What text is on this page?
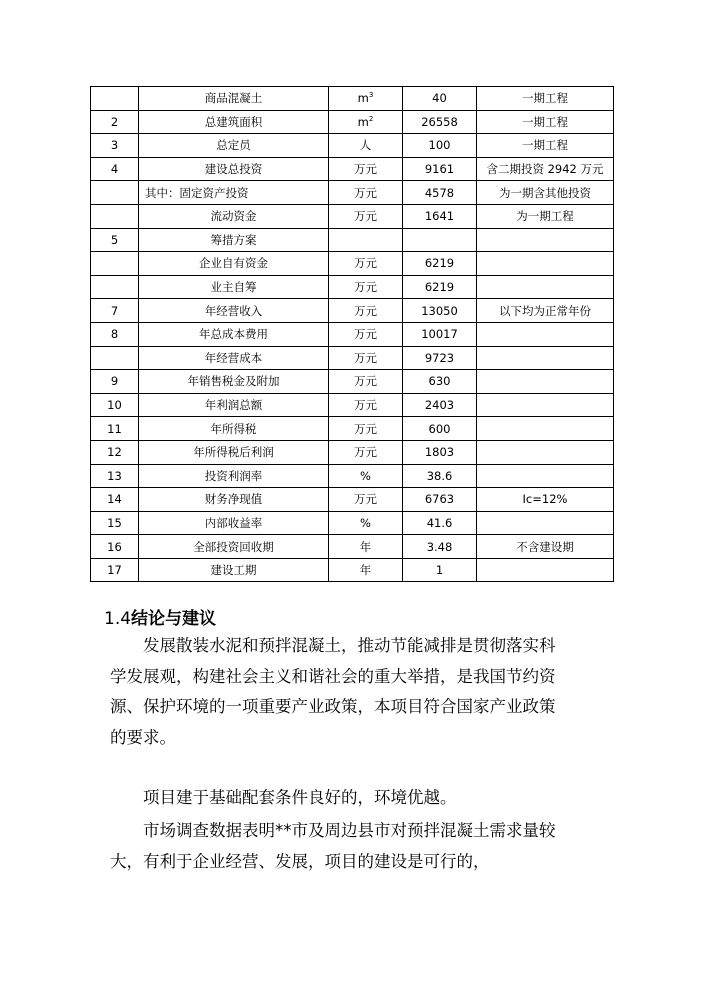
	商品混凝土	$m^3$	40	一期工程
2	总建筑面积	$m^2$	26558	一期工程
3	总定员	人	100	一期工程
4	建设总投资	万元	9161	含二期投资 2942 万元
	其中：固定资产投资	万元	4578	为一期含其他投资
	流动资金	万元	1641	为一期工程
5	筹措方案			
	企业自有资金	万元	6219	
	业主自筹	万元	6219	
7	年经营收入	万元	13050	以下均为正常年份
8	年总成本费用	万元	10017	
	年经营成本	万元	9723	
9	年销售税金及附加	万元	630	
10	年利润总额	万元	2403	
11	年所得税	万元	600	
12	年所得税后利润	万元	1803	
13	投资利润率	%	38.6	
14	财务净现值	万元	6763	Ic=12%
15	内部收益率	%	41.6	
16	全部投资回收期	年	3.48	不含建设期
17	建设工期	年	1	
1.4结论与建议
发展散装水泥和预拌混凝土，推动节能减排是贯彻落实科
学发展观，构建社会主义和谐社会的重大举措，是我国节约资
源、保护环境的一项重要产业政策，本项目符合国家产业政策
的要求。
项目建于基础配套条件良好的，环境优越。
市场调查数据表明**市及周边县市对预拌混凝土需求量较
大，有利于企业经营、发展，项目的建设是可行的，
